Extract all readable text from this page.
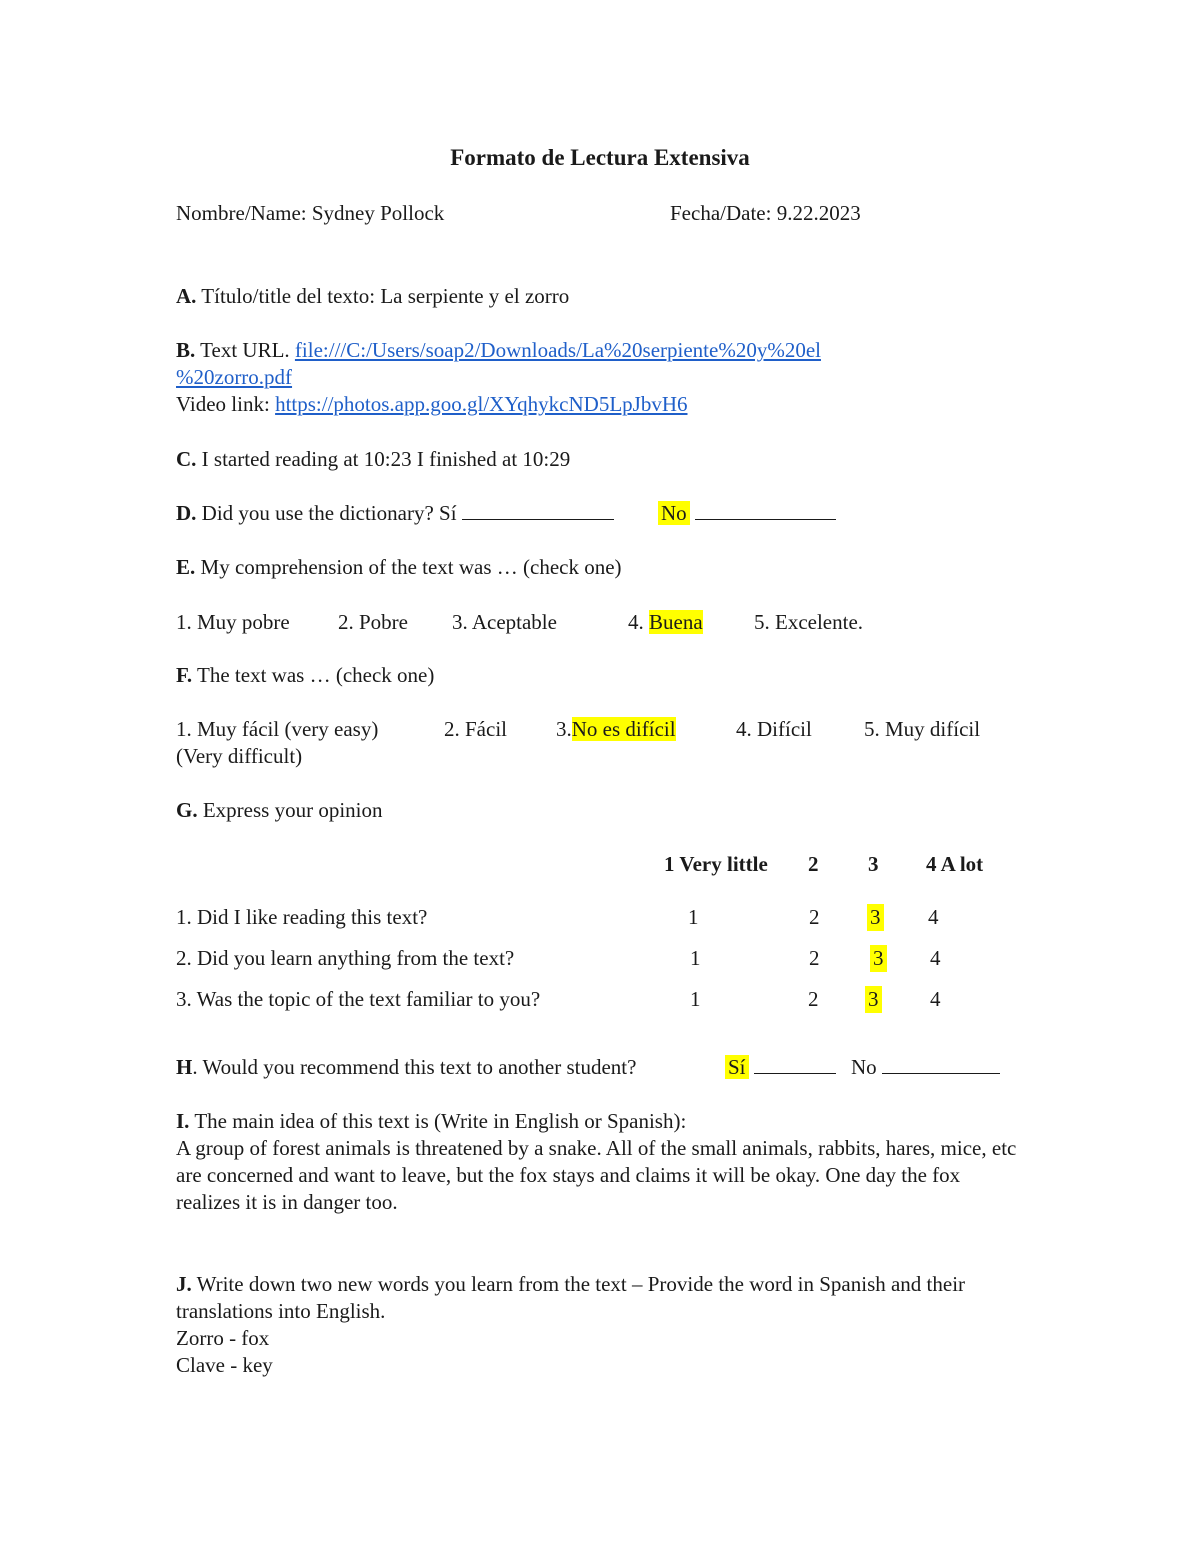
Formato de Lectura Extensiva
Nombre/Name: Sydney Pollock	Fecha/Date: 9.22.2023
A. Título/title del texto: La serpiente y el zorro
B. Text URL. file:///C:/Users/soap2/Downloads/La%20serpiente%20y%20el
%20zorro.pdf
Video link: https://photos.app.goo.gl/XYqhykcND5LpJbvH6
C. I started reading at 10:23 I finished at 10:29
D. Did you use the dictionary? Sí	No
E. My comprehension of the text was … (check one)
1. Muy pobre 2. Pobre 3. Aceptable	4. Buena 5. Excelente.
F. The text was … (check one)
1. Muy fácil (very easy)	2. Fácil 3.No es difícil	4. Difícil 5. Muy difícil
(Very difficult)
G. Express your opinion
1 Very little 2 3 4 A lot
1. Did I like reading this text?	1	2 3 4
2. Did you learn anything from the text?	1	2	3 4
3. Was the topic of the text familiar to you?	1	2 3 4
H. Would you recommend this text to another student?	Sí	No
I. The main idea of this text is (Write in English or Spanish):
A group of forest animals is threatened by a snake. All of the small animals, rabbits, hares, mice, etc are concerned and want to leave, but the fox stays and claims it will be okay. One day the fox realizes it is in danger too.
J. Write down two new words you learn from the text – Provide the word in Spanish and their translations into English.
Zorro - fox
Clave - key
